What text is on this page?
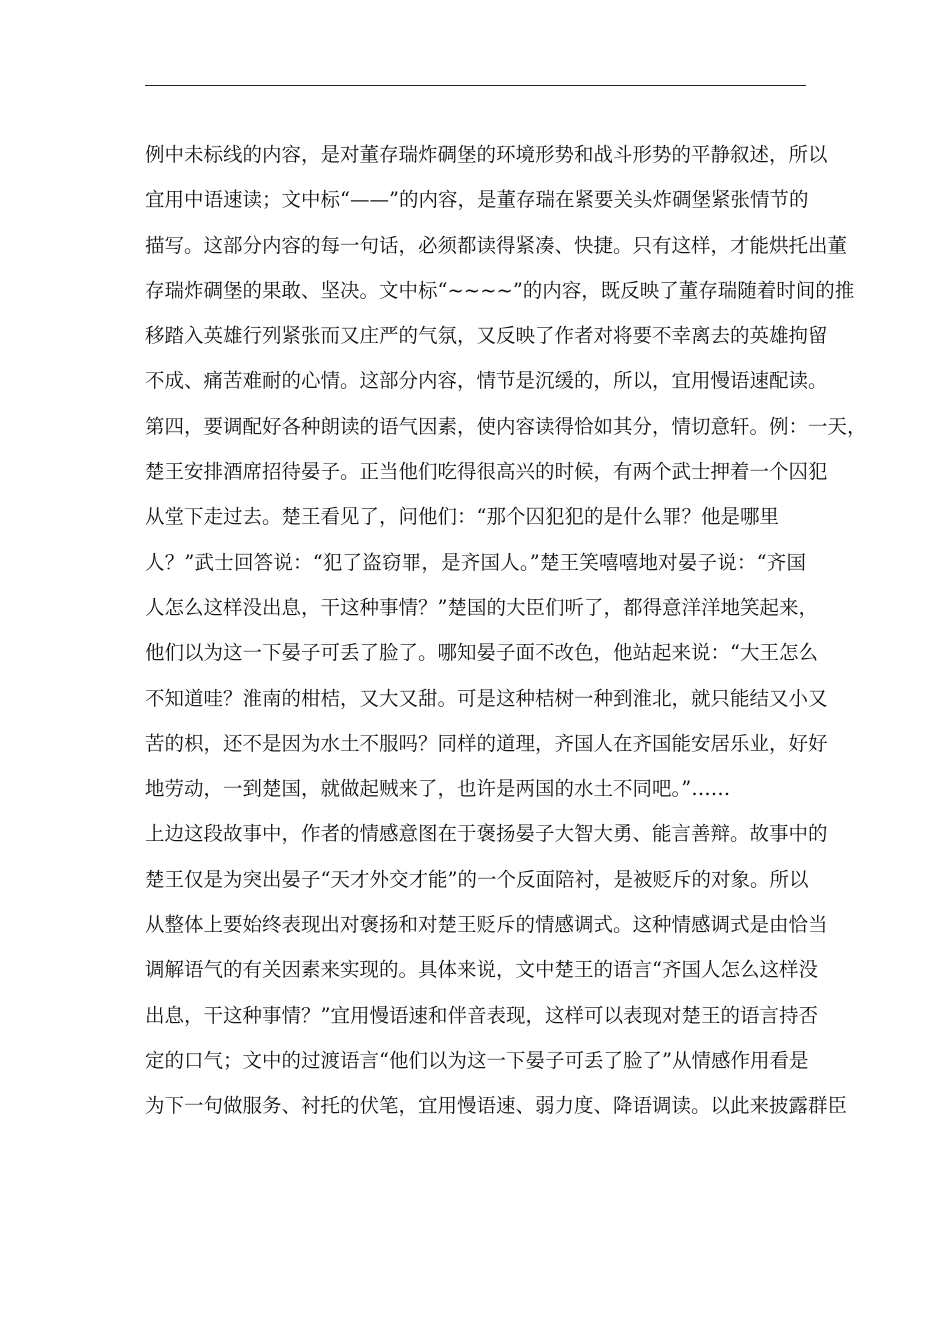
例中未标线的内容，是对董存瑞炸碉堡的环境形势和战斗形势的平静叙述，所以
宜用中语速读；文中标“——”的内容，是董存瑞在紧要关头炸碉堡紧张情节的
描写。这部分内容的每一句话，必须都读得紧凑、快捷。只有这样，才能烘托出董
存瑞炸碉堡的果敢、坚决。文中标“~~~~”的内容，既反映了董存瑞随着时间的推
移踏入英雄行列紧张而又庄严的气氛，又反映了作者对将要不幸离去的英雄拘留
不成、痛苦难耐的心情。这部分内容，情节是沉缓的，所以，宜用慢语速配读。
第四，要调配好各种朗读的语气因素，使内容读得恰如其分，情切意轩。例：一天，
楚王安排酒席招待晏子。正当他们吃得很高兴的时候，有两个武士押着一个囚犯
从堂下走过去。楚王看见了，问他们：“那个囚犯犯的是什么罪？他是哪里
人？”武士回答说：“犯了盗窃罪，是齐国人。”楚王笑嘻嘻地对晏子说：“齐国
人怎么这样没出息，干这种事情？”楚国的大臣们听了，都得意洋洋地笑起来，
他们以为这一下晏子可丢了脸了。哪知晏子面不改色，他站起来说：“大王怎么
不知道哇？淮南的柑桔，又大又甜。可是这种桔树一种到淮北，就只能结又小又
苦的枳，还不是因为水土不服吗？同样的道理，齐国人在齐国能安居乐业，好好
地劳动，一到楚国，就做起贼来了，也许是两国的水土不同吧。”……
上边这段故事中，作者的情感意图在于褒扬晏子大智大勇、能言善辩。故事中的
楚王仅是为突出晏子“天才外交才能”的一个反面陪衬，是被贬斥的对象。所以
从整体上要始终表现出对褒扬和对楚王贬斥的情感调式。这种情感调式是由恰当
调解语气的有关因素来实现的。具体来说，文中楚王的语言“齐国人怎么这样没
出息，干这种事情？”宜用慢语速和伴音表现，这样可以表现对楚王的语言持否
定的口气；文中的过渡语言“他们以为这一下晏子可丢了脸了”从情感作用看是
为下一句做服务、衬托的伏笔，宜用慢语速、弱力度、降语调读。以此来披露群臣
